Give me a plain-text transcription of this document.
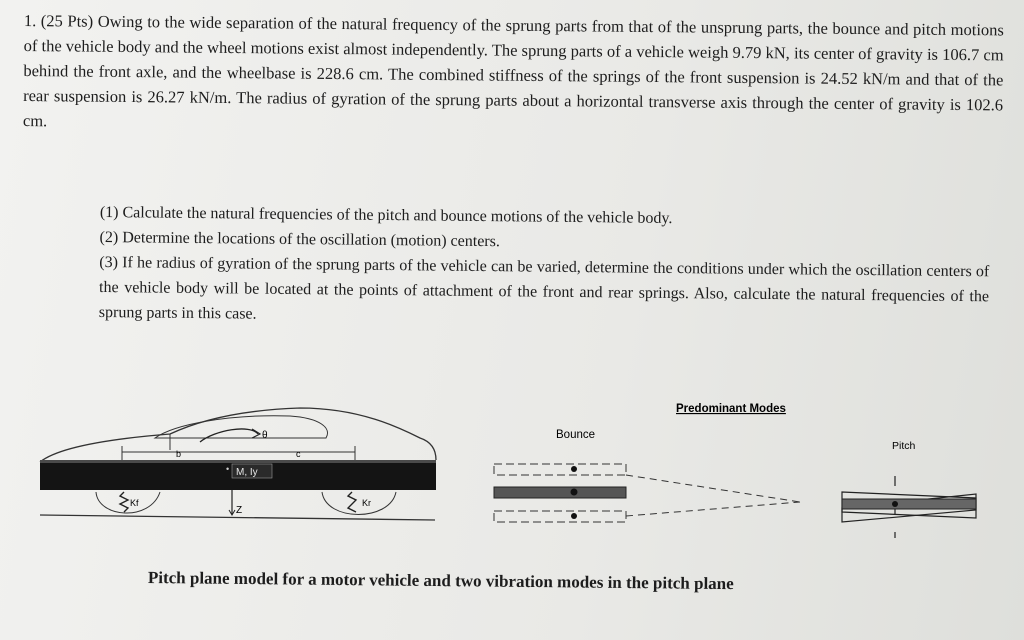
1. (25 Pts) Owing to the wide separation of the natural frequency of the sprung parts from that of the unsprung parts, the bounce and pitch motions of the vehicle body and the wheel motions exist almost independently. The sprung parts of a vehicle weigh 9.79 kN, its center of gravity is 106.7 cm behind the front axle, and the wheelbase is 228.6 cm. The combined stiffness of the springs of the front suspension is 24.52 kN/m and that of the rear suspension is 26.27 kN/m. The radius of gyration of the sprung parts about a horizontal transverse axis through the center of gravity is 102.6 cm.

(1) Calculate the natural frequencies of the pitch and bounce motions of the vehicle body.

(2) Determine the locations of the oscillation (motion) centers.

(3) If he radius of gyration of the sprung parts of the vehicle can be varied, determine the conditions under which the oscillation centers of the vehicle body will be located at the points of attachment of the front and rear springs. Also, calculate the natural frequencies of the sprung parts in this case.

θ
b	c
• M, Iy
Kf	Kr
Z
Predominant Modes
Bounce
Pitch
Pitch plane model for a motor vehicle and two vibration modes in the pitch plane
